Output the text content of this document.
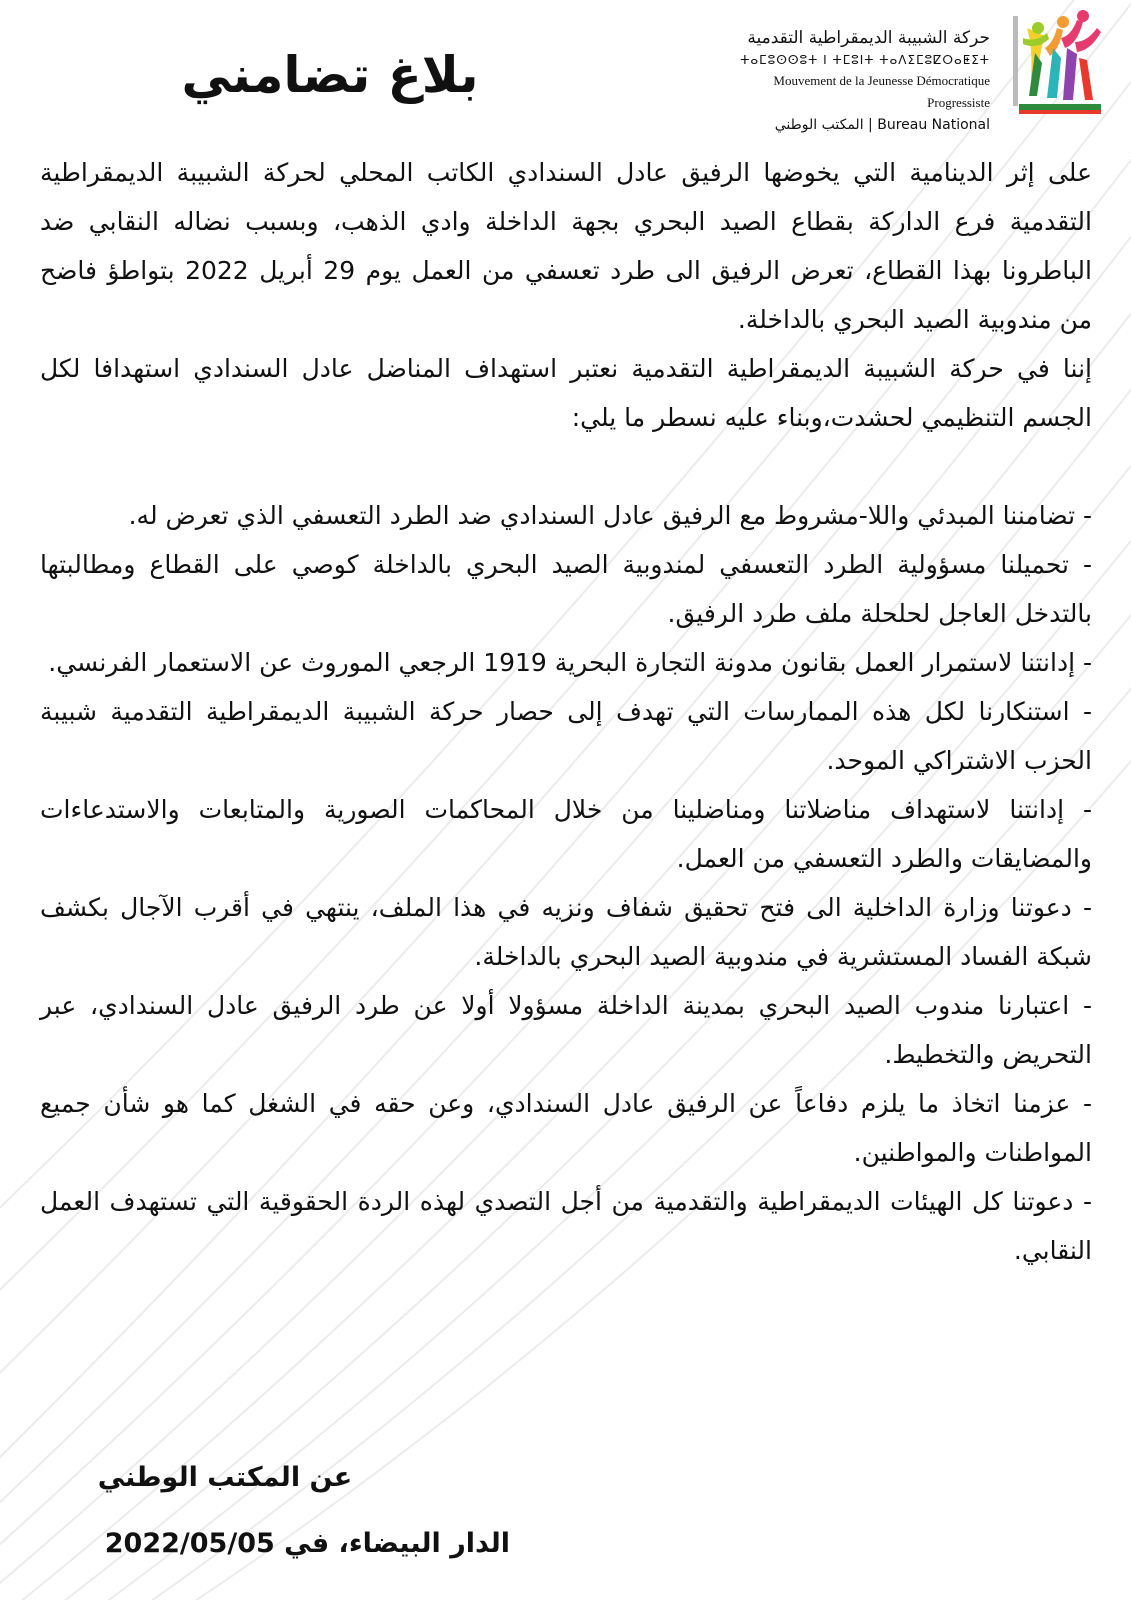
بلاغ تضامني
حركة الشبيبة الديمقراطية التقدمية
ⵜⴰⵎⵓⵙⵙⵓⵜ ⵏ ⵜⵎⵓⵏⵜ ⵜⴰⴷⵉⵎⵓⵇⵔⴰⵟⵉⵜ
Mouvement de la Jeunesse Démocratique Progressiste
Bureau National | المكتب الوطني

على إثر الدينامية التي يخوضها الرفيق عادل السندادي الكاتب المحلي لحركة الشبيبة الديمقراطية التقدمية فرع الداركة بقطاع الصيد البحري بجهة الداخلة وادي الذهب، وبسبب نضاله النقابي ضد الباطرونا بهذا القطاع، تعرض الرفيق الى طرد تعسفي من العمل يوم 29 أبريل 2022 بتواطؤ فاضح من مندوبية الصيد البحري بالداخلة.

إننا في حركة الشبيبة الديمقراطية التقدمية نعتبر استهداف المناضل عادل السندادي استهدافا لكل الجسم التنظيمي لحشدت،وبناء عليه نسطر ما يلي:

- تضامننا المبدئي واللا-مشروط مع الرفيق عادل السندادي ضد الطرد التعسفي الذي تعرض له.

- تحميلنا مسؤولية الطرد التعسفي لمندوبية الصيد البحري بالداخلة كوصي على القطاع ومطالبتها بالتدخل العاجل لحلحلة ملف طرد الرفيق.

- إدانتنا لاستمرار العمل بقانون مدونة التجارة البحرية 1919 الرجعي الموروث عن الاستعمار الفرنسي.

- استنكارنا لكل هذه الممارسات التي تهدف إلى حصار حركة الشبيبة الديمقراطية التقدمية شبيبة الحزب الاشتراكي الموحد.

- إدانتنا لاستهداف مناضلاتنا ومناضلينا من خلال المحاكمات الصورية والمتابعات والاستدعاءات والمضايقات والطرد التعسفي من العمل.

- دعوتنا وزارة الداخلية الى فتح تحقيق شفاف ونزيه في هذا الملف، ينتهي في أقرب الآجال بكشف شبكة الفساد المستشرية في مندوبية الصيد البحري بالداخلة.

- اعتبارنا مندوب الصيد البحري بمدينة الداخلة مسؤولا أولا عن طرد الرفيق عادل السندادي، عبر التحريض والتخطيط.

- عزمنا اتخاذ ما يلزم دفاعاً عن الرفيق عادل السندادي، وعن حقه في الشغل كما هو شأن جميع المواطنات والمواطنين.

- دعوتنا كل الهيئات الديمقراطية والتقدمية من أجل التصدي لهذه الردة الحقوقية التي تستهدف العمل النقابي.

عن المكتب الوطني
الدار البيضاء، في 2022/05/05
